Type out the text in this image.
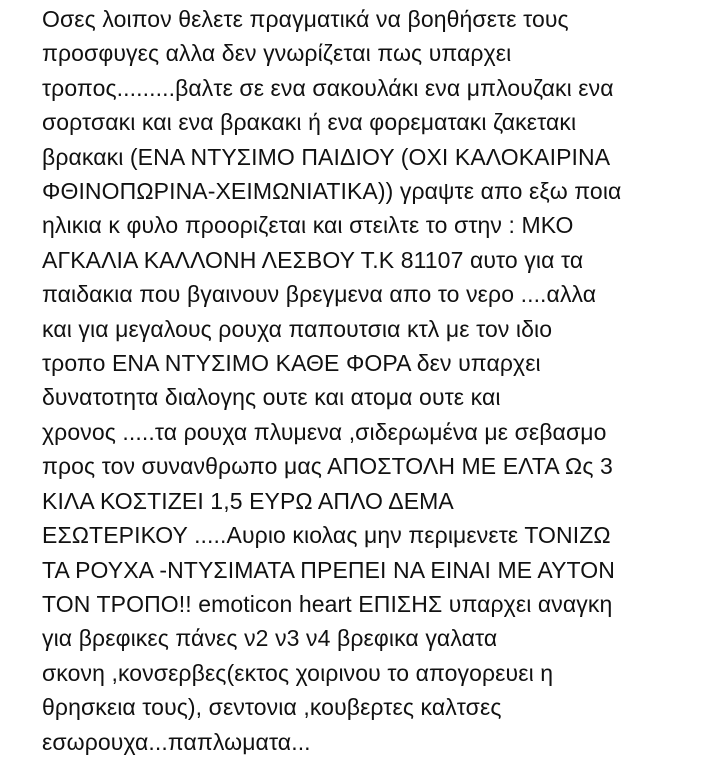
Οσες λοιπον θελετε πραγματικά να βοηθήσετε τους
προσφυγες αλλα δεν γνωρίζεται πως υπαρχει
τροπος.........βαλτε σε ενα σακουλάκι ενα μπλουζακι ενα
σορτσακι και ενα βρακακι ή ενα φορεματακι ζακετακι
βρακακι (ΕΝΑ ΝΤΥΣΙΜΟ ΠΑΙΔΙΟΥ (ΟΧΙ ΚΑΛΟΚΑΙΡΙΝΑ
ΦΘΙΝΟΠΩΡΙΝΑ-ΧΕΙΜΩΝΙΑΤΙΚΑ)) γραψτε απο εξω ποια
ηλικια κ φυλο προοριζεται και στειλτε το στην : ΜΚΟ
ΑΓΚΑΛΙΑ ΚΑΛΛΟΝΗ ΛΕΣΒΟΥ Τ.Κ 81107 αυτο για τα
παιδακια που βγαινουν βρεγμενα απο το νερο ....αλλα
και για μεγαλους ρουχα παπουτσια κτλ με τον ιδιο
τροπο ΕΝΑ ΝΤΥΣΙΜΟ ΚΑΘΕ ΦΟΡΑ δεν υπαρχει
δυνατοτητα διαλογης ουτε και ατομα ουτε και
χρονος .....τα ρουχα πλυμενα ,σιδερωμένα με σεβασμο
προς τον συνανθρωπο μας ΑΠΟΣΤΟΛΗ ΜΕ ΕΛΤΑ Ως 3
ΚΙΛΑ ΚΟΣΤΙΖΕΙ 1,5 ΕΥΡΩ ΑΠΛΟ ΔΕΜΑ
ΕΣΩΤΕΡΙΚΟΥ .....Αυριο κιολας μην περιμενετε ΤΟΝΙΖΩ
ΤΑ ΡΟΥΧΑ -ΝΤΥΣΙΜΑΤΑ ΠΡΕΠΕΙ ΝΑ ΕΙΝΑΙ ΜΕ ΑΥΤΟΝ
ΤΟΝ ΤΡΟΠΟ!! emoticon heart ΕΠΙΣΗΣ υπαρχει αναγκη
για βρεφικες πάνες ν2 ν3 ν4 βρεφικα γαλατα
σκονη ,κονσερβες(εκτος χοιρινου το απογορευει η
θρησκεια τους), σεντονια ,κουβερτες καλτσες
εσωρουχα...παπλωματα...
